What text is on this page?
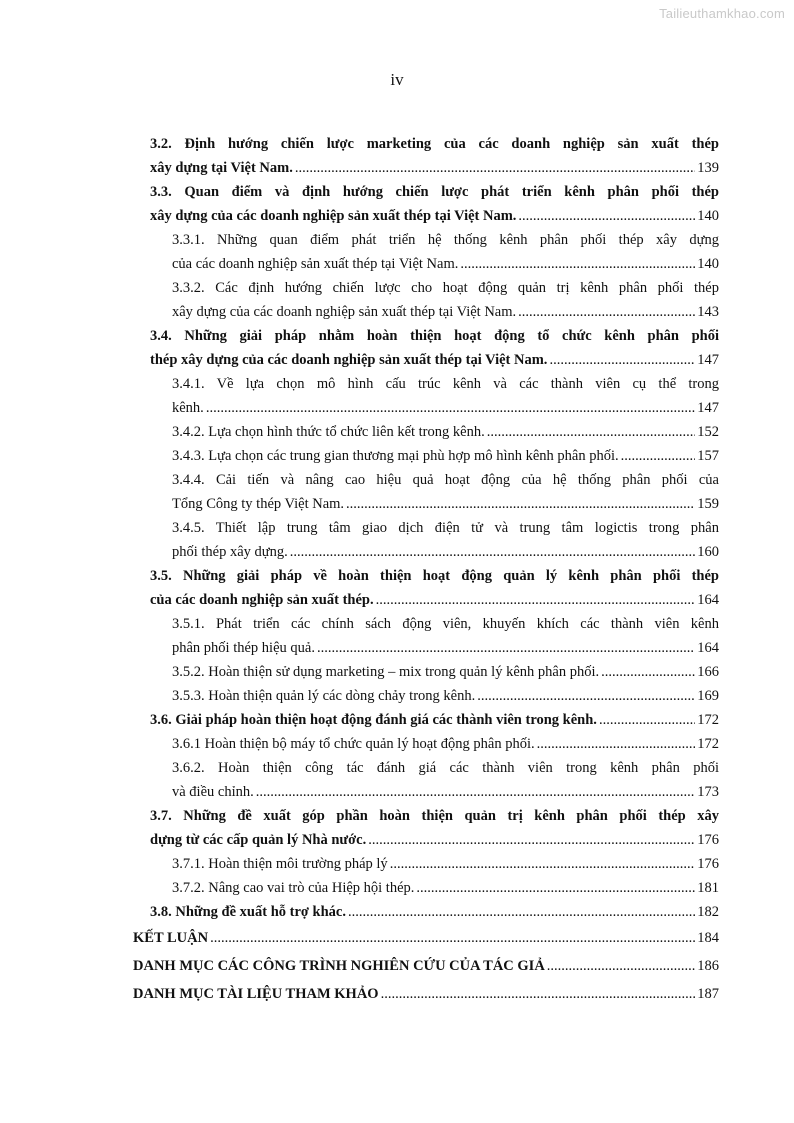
Tailieuthamkhao.com
iv
3.2. Định hướng chiến lược marketing của các doanh nghiệp sản xuất thép
xây dựng tại Việt Nam. .....	139
3.3. Quan điểm và định hướng chiến lược phát triển kênh phân phối thép
xây dựng của các doanh nghiệp sản xuất thép tại Việt Nam. .....	140
3.3.1. Những quan điểm phát triển hệ thống kênh phân phối thép xây dựng
của các doanh nghiệp sản xuất thép tại Việt Nam. .....	140
3.3.2. Các định hướng chiến lược cho hoạt động quản trị kênh phân phối thép
xây dựng của các doanh nghiệp sản xuất thép tại Việt Nam. .....	143
3.4. Những giải pháp nhằm hoàn thiện hoạt động tổ chức kênh phân phối
thép xây dựng của các doanh nghiệp sản xuất thép tại Việt Nam. .....	147
3.4.1. Về lựa chọn mô hình cấu trúc kênh và các thành viên cụ thể trong
kênh. .....	147
3.4.2. Lựa chọn hình thức tổ chức liên kết trong kênh. .....	152
3.4.3. Lựa chọn các trung gian thương mại phù hợp mô hình kênh phân phối. .....	157
3.4.4. Cải tiến và nâng cao hiệu quả hoạt động của hệ thống phân phối của
Tổng Công ty thép Việt Nam. .....	159
3.4.5. Thiết lập trung tâm giao dịch điện tử và trung tâm logictis trong phân
phối thép xây dựng. .....	160
3.5. Những giải pháp về hoàn thiện hoạt động quản lý kênh phân phối thép
của các doanh nghiệp sản xuất thép. .....	164
3.5.1. Phát triển các chính sách động viên, khuyến khích các thành viên kênh
phân phối thép hiệu quả. .....	164
3.5.2. Hoàn thiện sử dụng marketing – mix trong quản lý kênh phân phối. .....	166
3.5.3. Hoàn thiện quản lý các dòng chảy trong kênh. .....	169
3.6. Giải pháp hoàn thiện hoạt động đánh giá các thành viên trong kênh. .....	172
3.6.1 Hoàn thiện bộ máy tổ chức quản lý hoạt động phân phối. .....	172
3.6.2. Hoàn thiện công tác đánh giá các thành viên trong kênh phân phối
và điều chỉnh. .....	173
3.7. Những đề xuất góp phần hoàn thiện quản trị kênh phân phối thép xây
dựng từ các cấp quản lý Nhà nước. .....	176
3.7.1. Hoàn thiện môi trường pháp lý .....	176
3.7.2. Nâng cao vai trò của Hiệp hội thép. .....	181
3.8. Những đề xuất hỗ trợ khác. .....	182
KẾT LUẬN .....	184
DANH MỤC CÁC CÔNG TRÌNH NGHIÊN CỨU CỦA TÁC GIẢ .....	186
DANH MỤC TÀI LIỆU THAM KHẢO .....	187
